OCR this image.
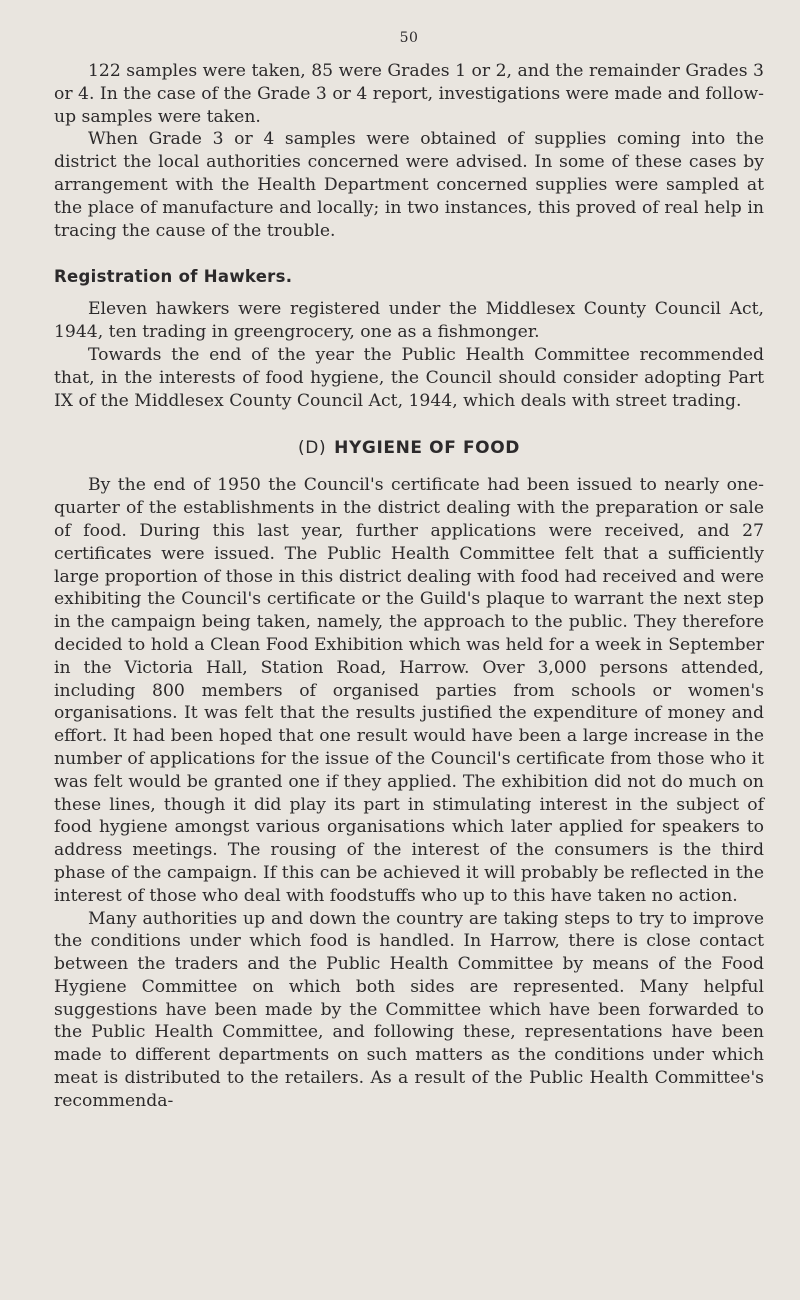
50

122 samples were taken, 85 were Grades 1 or 2, and the remainder Grades 3 or 4. In the case of the Grade 3 or 4 report, investigations were made and follow-up samples were taken.

When Grade 3 or 4 samples were obtained of supplies coming into the district the local authorities concerned were advised. In some of these cases by arrangement with the Health Department concerned supplies were sampled at the place of manufacture and locally; in two instances, this proved of real help in tracing the cause of the trouble.

Registration of Hawkers.

Eleven hawkers were registered under the Middlesex County Council Act, 1944, ten trading in greengrocery, one as a fishmonger.

Towards the end of the year the Public Health Committee recommended that, in the interests of food hygiene, the Council should consider adopting Part IX of the Middlesex County Council Act, 1944, which deals with street trading.

(D) HYGIENE OF FOOD

By the end of 1950 the Council's certificate had been issued to nearly one-quarter of the establishments in the district dealing with the preparation or sale of food. During this last year, further applications were received, and 27 certificates were issued. The Public Health Committee felt that a sufficiently large proportion of those in this district dealing with food had received and were exhibiting the Council's certificate or the Guild's plaque to warrant the next step in the campaign being taken, namely, the approach to the public. They therefore decided to hold a Clean Food Exhibition which was held for a week in September in the Victoria Hall, Station Road, Harrow. Over 3,000 persons attended, including 800 members of organised parties from schools or women's organisations. It was felt that the results justified the expenditure of money and effort. It had been hoped that one result would have been a large increase in the number of applications for the issue of the Council's certificate from those who it was felt would be granted one if they applied. The exhibition did not do much on these lines, though it did play its part in stimulating interest in the subject of food hygiene amongst various organisations which later applied for speakers to address meetings. The rousing of the interest of the consumers is the third phase of the campaign. If this can be achieved it will probably be reflected in the interest of those who deal with foodstuffs who up to this have taken no action.

Many authorities up and down the country are taking steps to try to improve the conditions under which food is handled. In Harrow, there is close contact between the traders and the Public Health Committee by means of the Food Hygiene Committee on which both sides are represented. Many helpful suggestions have been made by the Committee which have been forwarded to the Public Health Committee, and following these, representations have been made to different departments on such matters as the conditions under which meat is distributed to the retailers. As a result of the Public Health Committee's recommenda-
